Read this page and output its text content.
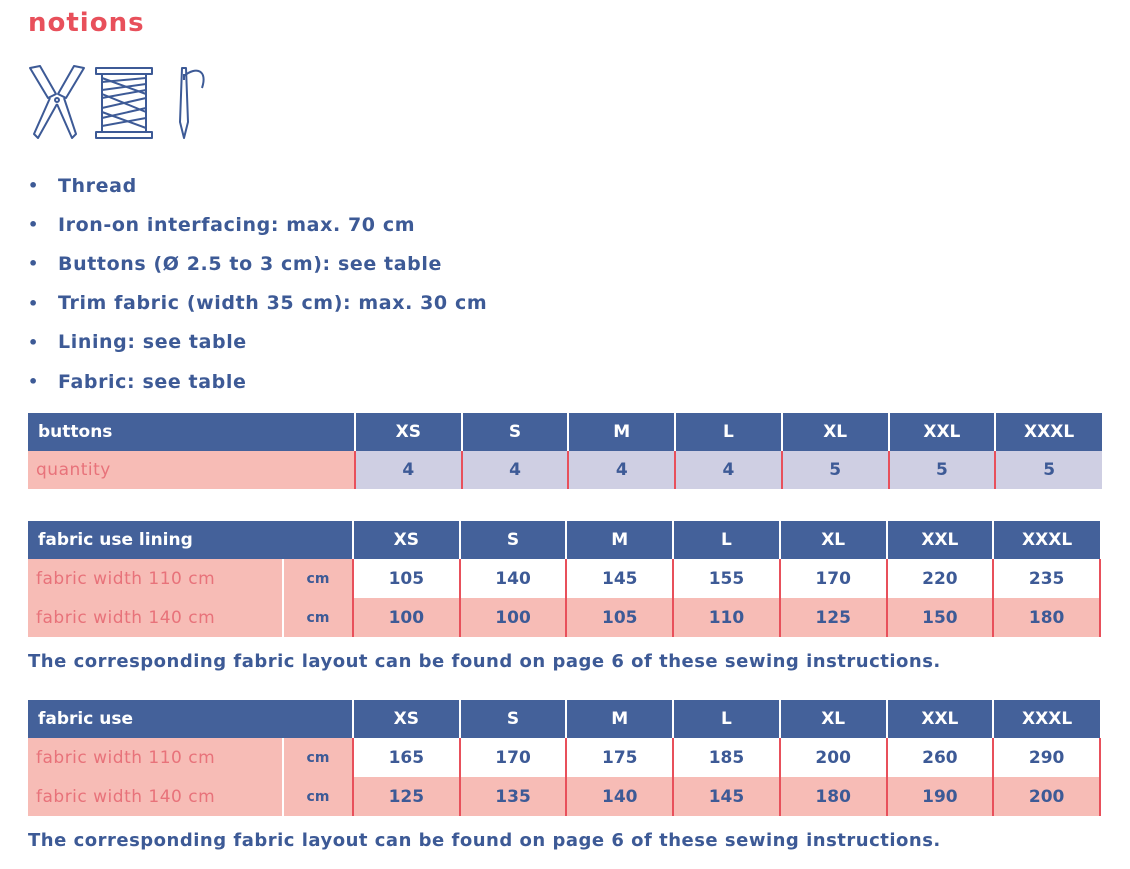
notions
•	Thread
•	Iron-on interfacing: max. 70 cm
•	Buttons (Ø 2.5 to 3 cm): see table
•	Trim fabric (width 35 cm): max. 30 cm
•	Lining: see table
•	Fabric: see table
buttons	XS	S	M	L	XL	XXL	XXXL
quantity	4	4	4	4	5	5	5
fabric use lining		XS	S	M	L	XL	XXL	XXXL
fabric width 110 cm	cm	105	140	145	155	170	220	235
fabric width 140 cm	cm	100	100	105	110	125	150	180
The corresponding fabric layout can be found on page 6 of these sewing instructions.
fabric use		XS	S	M	L	XL	XXL	XXXL
fabric width 110 cm	cm	165	170	175	185	200	260	290
fabric width 140 cm	cm	125	135	140	145	180	190	200
The corresponding fabric layout can be found on page 6 of these sewing instructions.
